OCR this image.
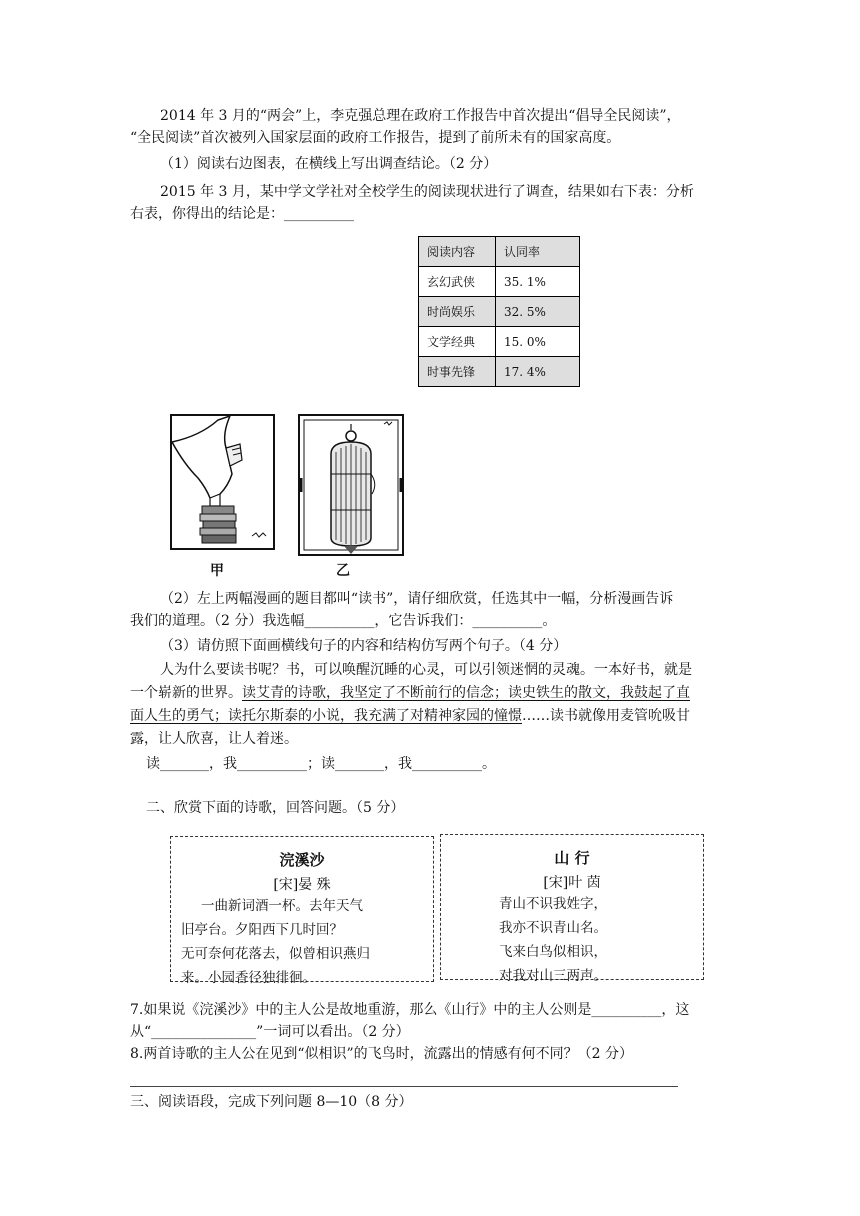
2014 年 3 月的“两会”上，李克强总理在政府工作报告中首次提出“倡导全民阅读”，
“全民阅读”首次被列入国家层面的政府工作报告，提到了前所未有的国家高度。
（1）阅读右边图表，在横线上写出调查结论。（2 分）
2015 年 3 月，某中学文学社对全校学生的阅读现状进行了调查，结果如右下表：分析
右表，你得出的结论是：__________
阅读内容	认同率
玄幻武侠	35. 1%
时尚娱乐	32. 5%
文学经典	15. 0%
时事先锋	17. 4%
甲	乙
（2）左上两幅漫画的题目都叫“读书”，请仔细欣赏，任选其中一幅，分析漫画告诉
我们的道理。（2 分）我选幅__________，它告诉我们：__________。
（3）请仿照下面画横线句子的内容和结构仿写两个句子。（4 分）
人为什么要读书呢？书，可以唤醒沉睡的心灵，可以引领迷惘的灵魂。一本好书，就是
一个崭新的世界。读艾青的诗歌，我坚定了不断前行的信念；读史铁生的散文，我鼓起了直
面人生的勇气；读托尔斯泰的小说，我充满了对精神家园的憧憬……读书就像用麦管吮吸甘
露，让人欣喜，让人着迷。
读_______，我__________；读_______，我__________。
二、欣赏下面的诗歌，回答问题。（5 分）
浣溪沙
[宋]晏 殊
一曲新词酒一杯。去年天气
旧亭台。夕阳西下几时回？
无可奈何花落去，似曾相识燕归
来。小园香径独徘徊。
山 行
[宋]叶 茵
青山不识我姓字，
我亦不识青山名。
飞来白鸟似相识，
对我对山三两声。
7.如果说《浣溪沙》中的主人公是故地重游，那么《山行》中的主人公则是__________，这
从“_______________”一词可以看出。（2 分）
8.两首诗歌的主人公在见到“似相识”的飞鸟时，流露出的情感有何不同？（2 分）
三、阅读语段，完成下列问题 8—10（8 分）
